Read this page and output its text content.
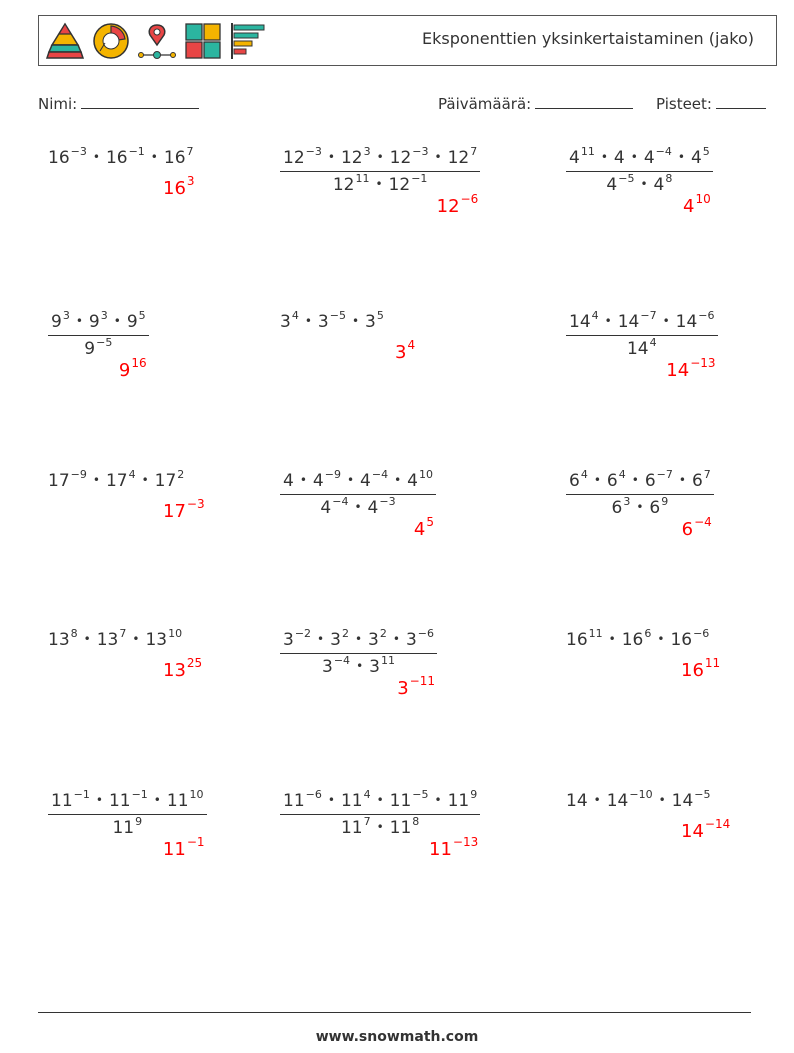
Eksponenttien yksinkertaistaminen (jako)
Nimi:	Päivämäärä:	Pisteet:
$16^{-3}$ • $16^{-1}$ • $16^7$
$16^3$	$\frac{12^{-3} • 12^3 • 12^{-3} • 12^7}{12^{11} • 12^{-1}}$
$12^{-6}$
$\frac{4^{11} • 4 • 4^{-4} • 4^5}{4^{-5} • 4^8}$
$4^{10}$
$\frac{9^3 • 9^3 • 9^5}{9^{-5}}$
$9^{16}$
$3^4$ • $3^{-5}$ • $3^5$
$3^4$	$\frac{14^4 • 14^{-7} • 14^{-6}}{14^4}$
$14^{-13}$
$17^{-9}$ • $17^4$ • $17^2$
$17^{-3}$	$\frac{4 • 4^{-9} • 4^{-4} • 4^{10}}{4^{-4} • 4^{-3}}$
$4^5$
$\frac{6^4 • 6^4 • 6^{-7} • 6^7}{6^3 • 6^9}$
$6^{-4}$
$13^8$ • $13^7$ • $13^{10}$
$13^{25}$	$\frac{3^{-2} • 3^2 • 3^2 • 3^{-6}}{3^{-4} • 3^{11}}$
$3^{-11}$
$16^{11}$ • $16^6$ • $16^{-6}$
$16^{11}$
$\frac{11^{-1} • 11^{-1} • 11^{10}}{11^9}$
$11^{-1}$
$\frac{11^{-6} • 11^4 • 11^{-5} • 11^9}{11^7 • 11^8}$
$11^{-13}$
14 • $14^{-10}$ • $14^{-5}$
$14^{-14}$
www.snowmath.com
